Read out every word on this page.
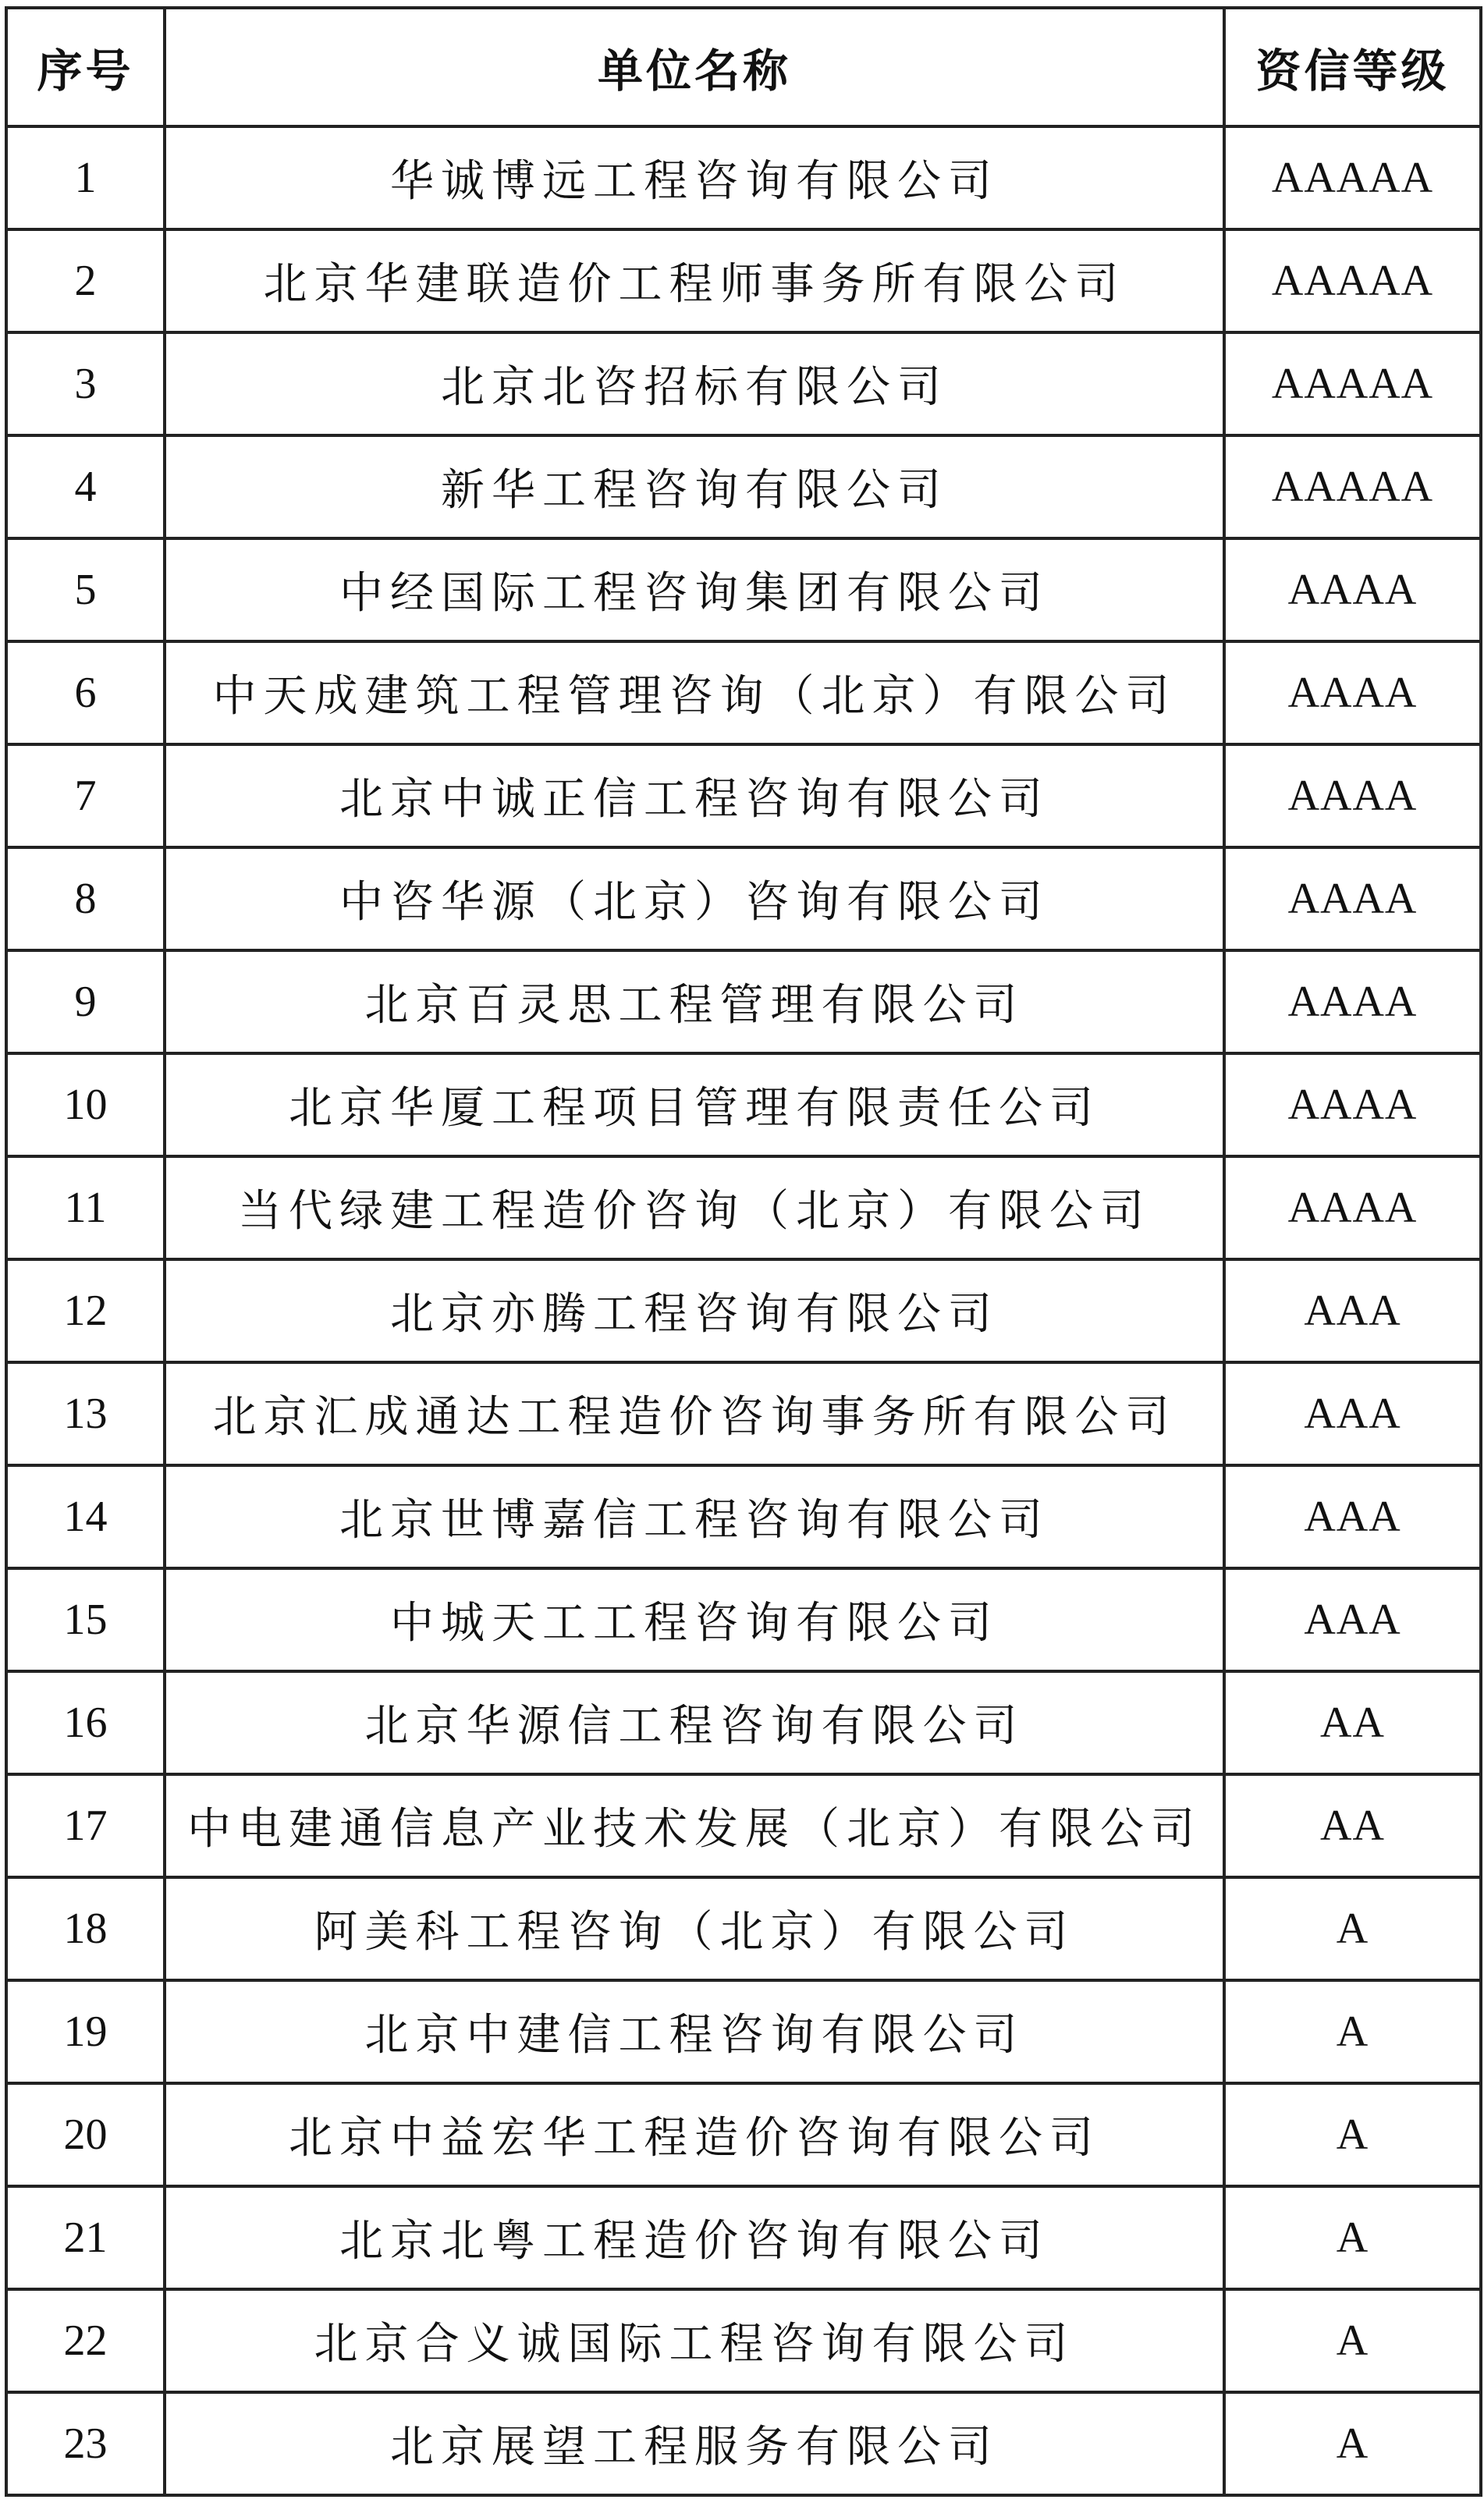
序号	单位名称	资信等级
1	华诚博远工程咨询有限公司	AAAAA
2	北京华建联造价工程师事务所有限公司	AAAAA
3	北京北咨招标有限公司	AAAAA
4	新华工程咨询有限公司	AAAAA
5	中经国际工程咨询集团有限公司	AAAA
6	中天成建筑工程管理咨询（北京）有限公司	AAAA
7	北京中诚正信工程咨询有限公司	AAAA
8	中咨华源（北京）咨询有限公司	AAAA
9	北京百灵思工程管理有限公司	AAAA
10	北京华厦工程项目管理有限责任公司	AAAA
11	当代绿建工程造价咨询（北京）有限公司	AAAA
12	北京亦腾工程咨询有限公司	AAA
13	北京汇成通达工程造价咨询事务所有限公司	AAA
14	北京世博嘉信工程咨询有限公司	AAA
15	中城天工工程咨询有限公司	AAA
16	北京华源信工程咨询有限公司	AA
17	中电建通信息产业技术发展（北京）有限公司	AA
18	阿美科工程咨询（北京）有限公司	A
19	北京中建信工程咨询有限公司	A
20	北京中益宏华工程造价咨询有限公司	A
21	北京北粤工程造价咨询有限公司	A
22	北京合义诚国际工程咨询有限公司	A
23	北京展望工程服务有限公司	A
